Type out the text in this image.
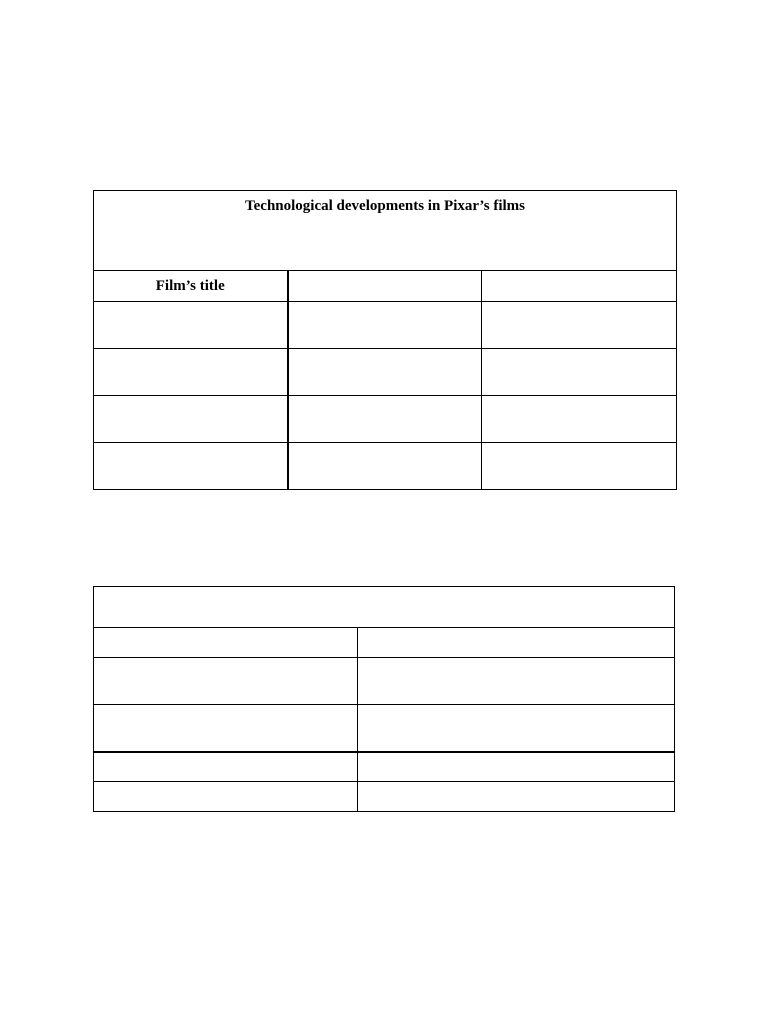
Technological developments in Pixar’s films		
Film’s title		
